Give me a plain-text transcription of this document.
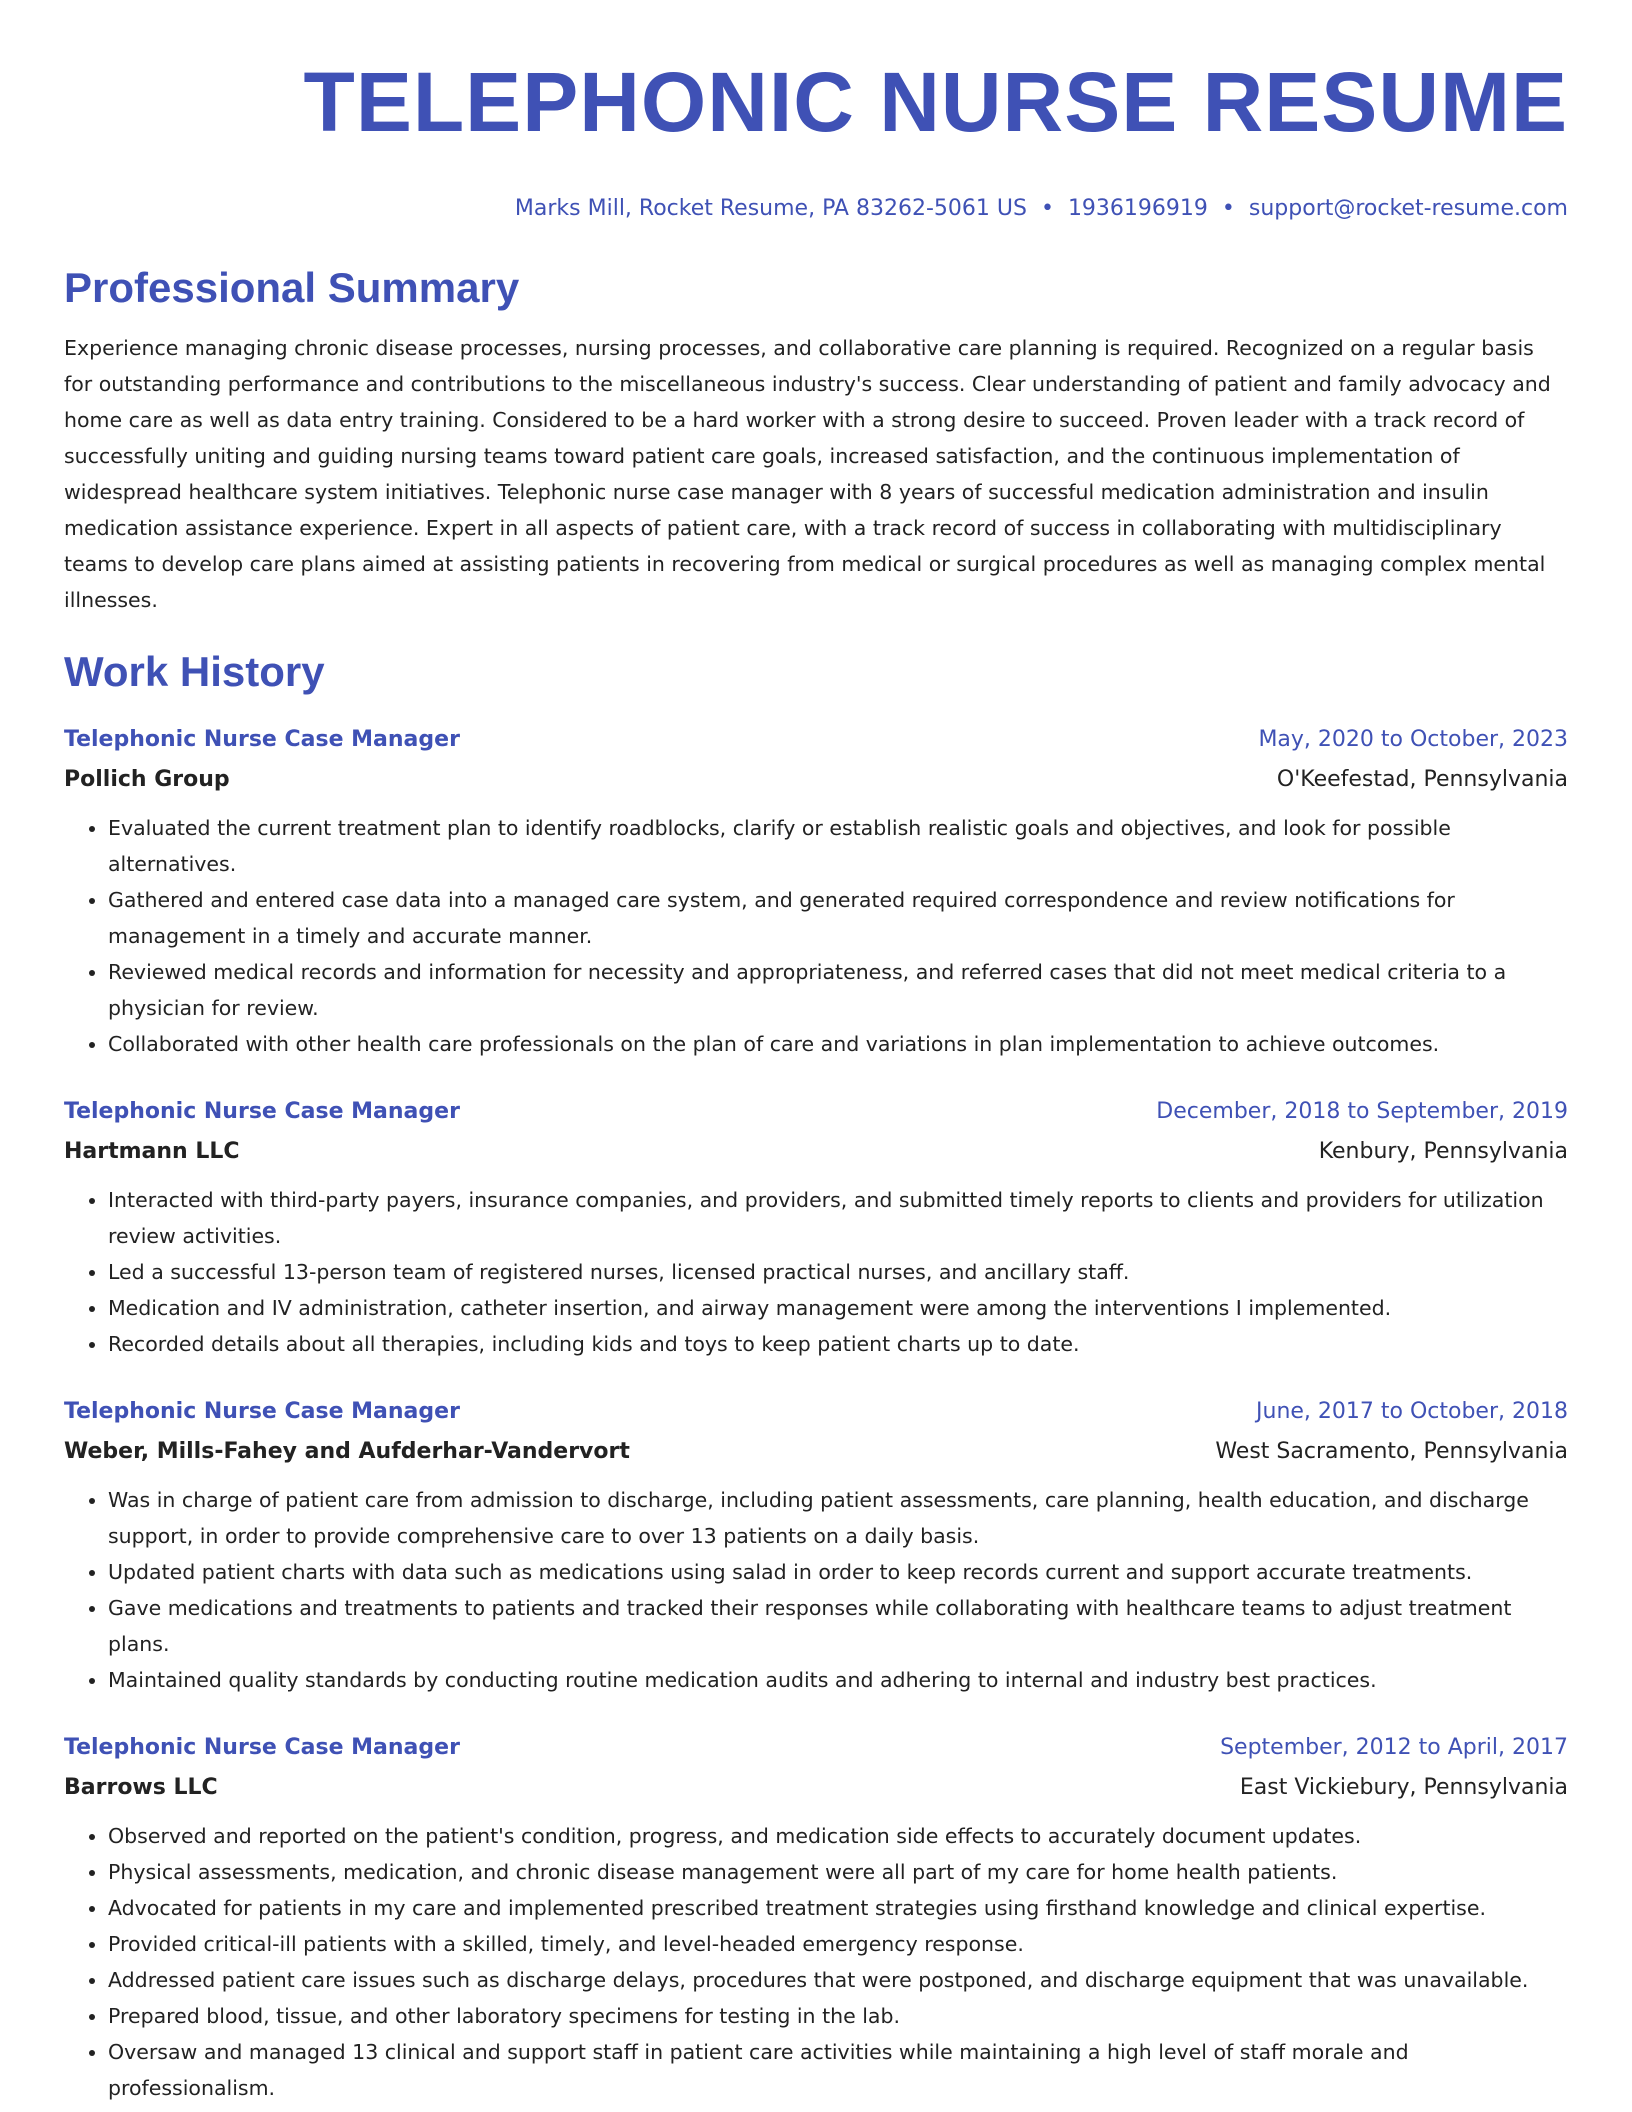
TELEPHONIC NURSE RESUME
Marks Mill, Rocket Resume, PA 83262-5061 US • 1936196919 • support@rocket-resume.com
Professional Summary
Experience managing chronic disease processes, nursing processes, and collaborative care planning is required. Recognized on a regular basis for outstanding performance and contributions to the miscellaneous industry's success. Clear understanding of patient and family advocacy and home care as well as data entry training. Considered to be a hard worker with a strong desire to succeed. Proven leader with a track record of successfully uniting and guiding nursing teams toward patient care goals, increased satisfaction, and the continuous implementation of widespread healthcare system initiatives. Telephonic nurse case manager with 8 years of successful medication administration and insulin medication assistance experience. Expert in all aspects of patient care, with a track record of success in collaborating with multidisciplinary teams to develop care plans aimed at assisting patients in recovering from medical or surgical procedures as well as managing complex mental illnesses.
Work History
Telephonic Nurse Case Manager	May, 2020 to October, 2023
Pollich Group	O'Keefestad, Pennsylvania
• Evaluated the current treatment plan to identify roadblocks, clarify or establish realistic goals and objectives, and look for possible alternatives.
• Gathered and entered case data into a managed care system, and generated required correspondence and review notifications for management in a timely and accurate manner.
• Reviewed medical records and information for necessity and appropriateness, and referred cases that did not meet medical criteria to a physician for review.
• Collaborated with other health care professionals on the plan of care and variations in plan implementation to achieve outcomes.
Telephonic Nurse Case Manager	December, 2018 to September, 2019
Hartmann LLC	Kenbury, Pennsylvania
• Interacted with third-party payers, insurance companies, and providers, and submitted timely reports to clients and providers for utilization review activities.
• Led a successful 13-person team of registered nurses, licensed practical nurses, and ancillary staff.
• Medication and IV administration, catheter insertion, and airway management were among the interventions I implemented.
• Recorded details about all therapies, including kids and toys to keep patient charts up to date.
Telephonic Nurse Case Manager	June, 2017 to October, 2018
Weber, Mills-Fahey and Aufderhar-Vandervort	West Sacramento, Pennsylvania
• Was in charge of patient care from admission to discharge, including patient assessments, care planning, health education, and discharge support, in order to provide comprehensive care to over 13 patients on a daily basis.
• Updated patient charts with data such as medications using salad in order to keep records current and support accurate treatments.
• Gave medications and treatments to patients and tracked their responses while collaborating with healthcare teams to adjust treatment plans.
• Maintained quality standards by conducting routine medication audits and adhering to internal and industry best practices.
Telephonic Nurse Case Manager	September, 2012 to April, 2017
Barrows LLC	East Vickiebury, Pennsylvania
• Observed and reported on the patient's condition, progress, and medication side effects to accurately document updates.
• Physical assessments, medication, and chronic disease management were all part of my care for home health patients.
• Advocated for patients in my care and implemented prescribed treatment strategies using firsthand knowledge and clinical expertise.
• Provided critical-ill patients with a skilled, timely, and level-headed emergency response.
• Addressed patient care issues such as discharge delays, procedures that were postponed, and discharge equipment that was unavailable.
• Prepared blood, tissue, and other laboratory specimens for testing in the lab.
• Oversaw and managed 13 clinical and support staff in patient care activities while maintaining a high level of staff morale and professionalism.
